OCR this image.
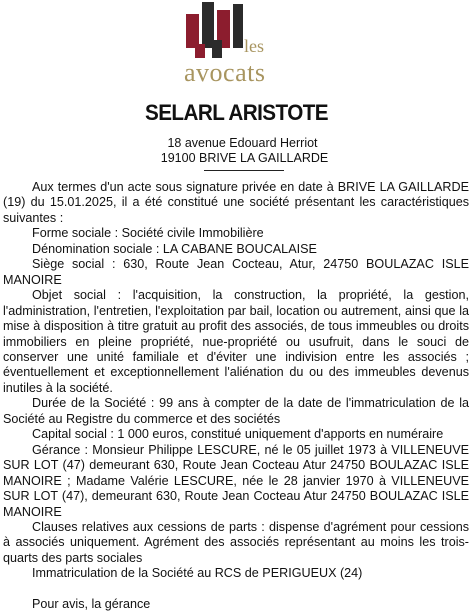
les
avocats
SELARL ARISTOTE
18 avenue Edouard Herriot
19100 BRIVE LA GAILLARDE

Aux termes d'un acte sous signature privée en date à BRIVE LA GAILLARDE (19) du 15.01.2025, il a été constitué une société présentant les caractéristiques suivantes :

Forme sociale : Société civile Immobilière

Dénomination sociale : LA CABANE BOUCALAISE

Siège social : 630, Route Jean Cocteau, Atur, 24750 BOULAZAC ISLE MANOIRE

Objet social : l'acquisition, la construction, la propriété, la gestion, l'administration, l'entretien, l'exploitation par bail, location ou autrement, ainsi que la mise à disposition à titre gratuit au profit des associés, de tous immeubles ou droits immobiliers en pleine propriété, nue-propriété ou usufruit, dans le souci de conserver une unité familiale et d'éviter une indivision entre les associés ; éventuellement et exceptionnellement l'aliénation du ou des immeubles devenus inutiles à la société.

Durée de la Société : 99 ans à compter de la date de l'immatriculation de la Société au Registre du commerce et des sociétés

Capital social : 1 000 euros, constitué uniquement d'apports en numéraire

Gérance : Monsieur Philippe LESCURE, né le 05 juillet 1973 à VILLENEUVE SUR LOT (47) demeurant 630, Route Jean Cocteau Atur 24750 BOULAZAC ISLE MANOIRE ; Madame Valérie LESCURE, née le 28 janvier 1970 à VILLENEUVE SUR LOT (47), demeurant 630, Route Jean Cocteau Atur 24750 BOULAZAC ISLE MANOIRE

Clauses relatives aux cessions de parts : dispense d'agrément pour cessions à associés uniquement. Agrément des associés représentant au moins les trois-quarts des parts sociales

Immatriculation de la Société au RCS de PERIGUEUX (24)

Pour avis, la gérance
